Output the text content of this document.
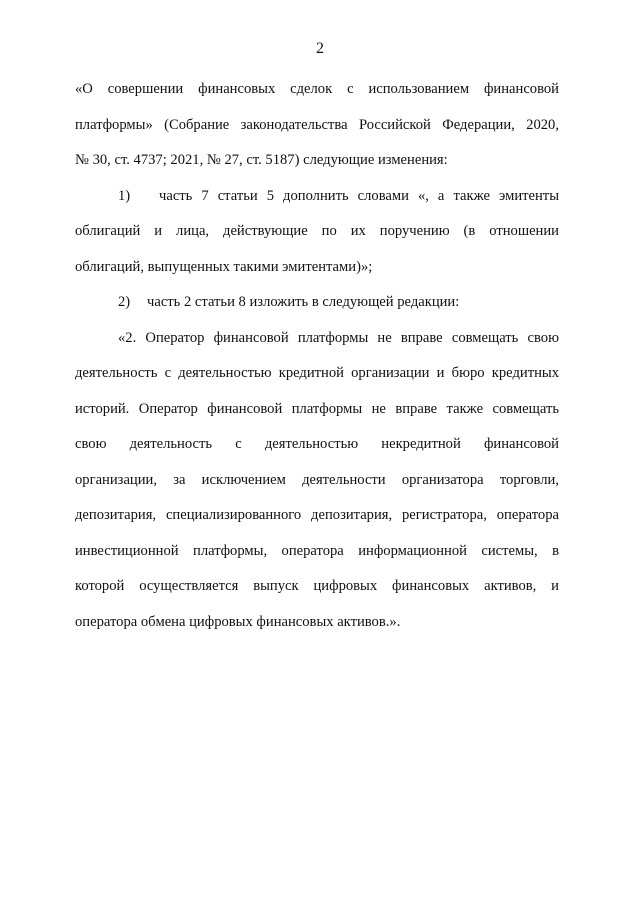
2
«О совершении финансовых сделок с использованием финансовой
платформы» (Собрание законодательства Российской Федерации, 2020,
№ 30, ст. 4737; 2021, № 27, ст. 5187) следующие изменения:
1) часть 7 статьи 5 дополнить словами «, а также эмитенты
облигаций и лица, действующие по их поручению (в отношении
облигаций, выпущенных такими эмитентами)»;
2) часть 2 статьи 8 изложить в следующей редакции:
«2. Оператор финансовой платформы не вправе совмещать свою
деятельность с деятельностью кредитной организации и бюро кредитных
историй. Оператор финансовой платформы не вправе также совмещать
свою деятельность с деятельностью некредитной финансовой
организации, за исключением деятельности организатора торговли,
депозитария, специализированного депозитария, регистратора, оператора
инвестиционной платформы, оператора информационной системы, в
которой осуществляется выпуск цифровых финансовых активов, и
оператора обмена цифровых финансовых активов.».
